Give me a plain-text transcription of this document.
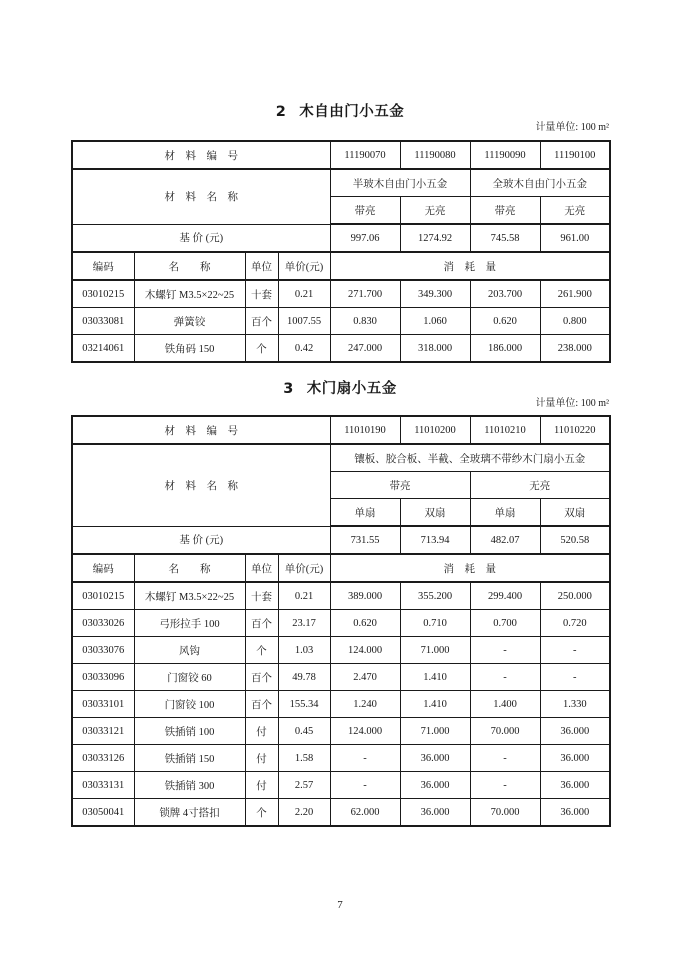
2 木自由门小五金
计量单位: 100 m²
材　料　编　号				11190070	11190080	11190090	11190100
材　料　名　称				半玻木自由门小五金		全玻木自由门小五金	
				带亮	无亮	带亮	无亮
基 价 (元)				997.06	1274.92	745.58	961.00
编码	名　　称	单位	单价(元)	消　耗　量			
03010215	木螺钉 M3.5×22~25	十套	0.21	271.700	349.300	203.700	261.900
03033081	弹簧铰	百个	1007.55	0.830	1.060	0.620	0.800
03214061	铁角码 150	个	0.42	247.000	318.000	186.000	238.000
3 木门扇小五金
计量单位: 100 m²
材　料　编　号				11010190	11010200	11010210	11010220
材　料　名　称				镶板、胶合板、半截、全玻璃不带纱木门扇小五金			
				带亮		无亮	
				单扇	双扇	单扇	双扇
基 价 (元)				731.55	713.94	482.07	520.58
编码	名　　称	单位	单价(元)	消　耗　量			
03010215	木螺钉 M3.5×22~25	十套	0.21	389.000	355.200	299.400	250.000
03033026	弓形拉手 100	百个	23.17	0.620	0.710	0.700	0.720
03033076	风钩	个	1.03	124.000	71.000	-	-
03033096	门窗铰 60	百个	49.78	2.470	1.410	-	-
03033101	门窗铰 100	百个	155.34	1.240	1.410	1.400	1.330
03033121	铁插销 100	付	0.45	124.000	71.000	70.000	36.000
03033126	铁插销 150	付	1.58	-	36.000	-	36.000
03033131	铁插销 300	付	2.57	-	36.000	-	36.000
03050041	锁牌 4寸搭扣	个	2.20	62.000	36.000	70.000	36.000
7
